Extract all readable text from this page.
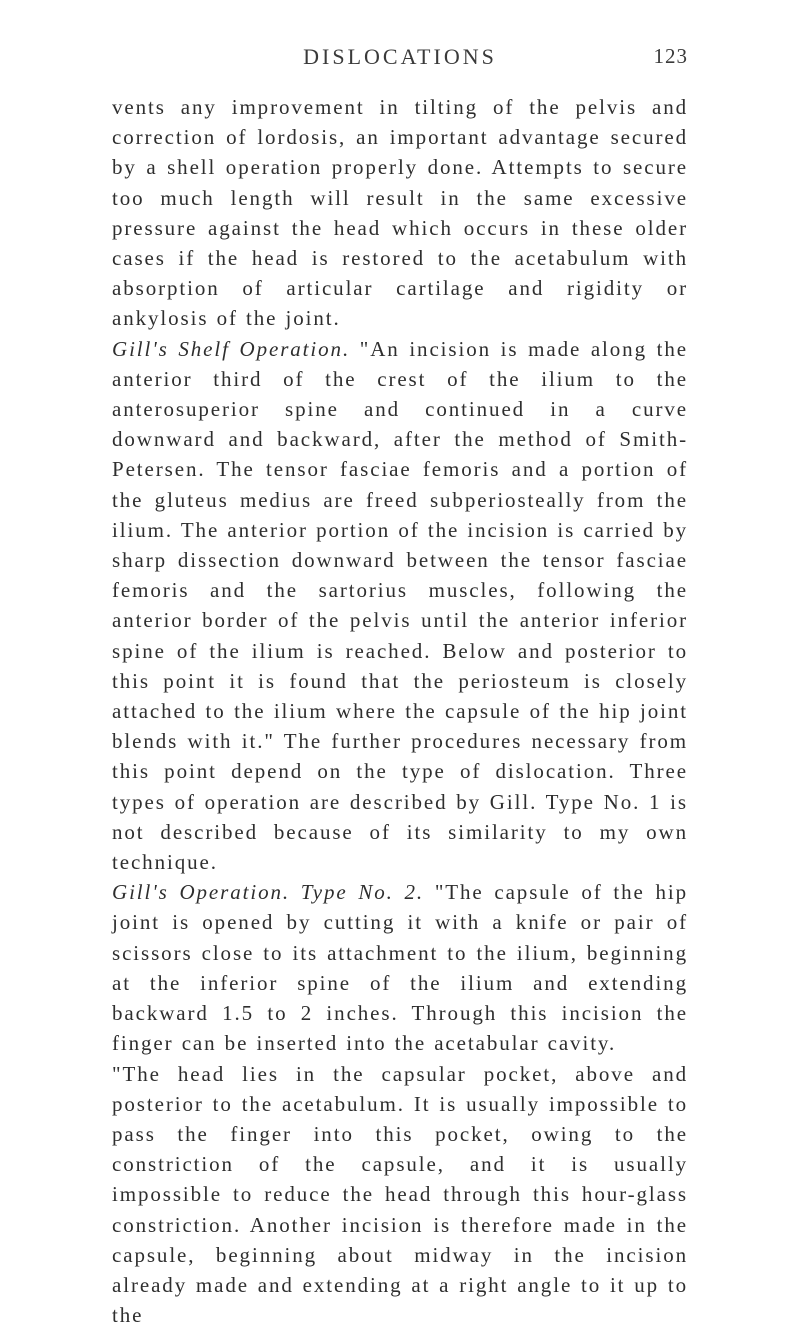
DISLOCATIONS	123

vents any improvement in tilting of the pelvis and correction of lordosis, an important advantage secured by a shell operation properly done. Attempts to secure too much length will result in the same excessive pressure against the head which occurs in these older cases if the head is restored to the acetabulum with absorption of articular cartilage and rigidity or ankylosis of the joint.

Gill's Shelf Operation. "An incision is made along the anterior third of the crest of the ilium to the anterosuperior spine and continued in a curve downward and backward, after the method of Smith-Petersen. The tensor fasciae femoris and a portion of the gluteus medius are freed subperiosteally from the ilium. The anterior portion of the incision is carried by sharp dissection downward between the tensor fasciae femoris and the sartorius muscles, following the anterior border of the pelvis until the anterior inferior spine of the ilium is reached. Below and posterior to this point it is found that the periosteum is closely attached to the ilium where the capsule of the hip joint blends with it." The further procedures necessary from this point depend on the type of dislocation. Three types of operation are described by Gill. Type No. 1 is not described because of its similarity to my own technique.

Gill's Operation. Type No. 2. "The capsule of the hip joint is opened by cutting it with a knife or pair of scissors close to its attachment to the ilium, beginning at the inferior spine of the ilium and extending backward 1.5 to 2 inches. Through this incision the finger can be inserted into the acetabular cavity.

"The head lies in the capsular pocket, above and posterior to the acetabulum. It is usually impossible to pass the finger into this pocket, owing to the constriction of the capsule, and it is usually impossible to reduce the head through this hour-glass constriction. Another incision is therefore made in the capsule, beginning about midway in the incision already made and extending at a right angle to it up to the
